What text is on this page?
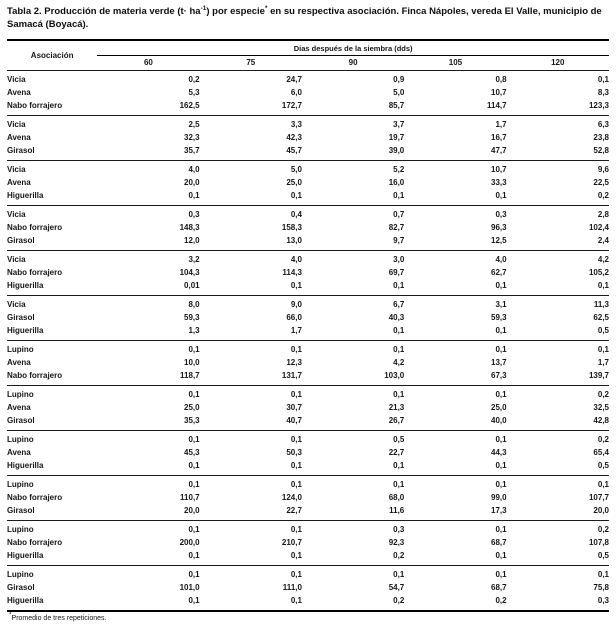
Tabla 2. Producción de materia verde $(t\cdot ha^{-1})$ por especie* en su respectiva asociación. Finca Nápoles, vereda El Valle, municipio de Samacá (Boyacá).

Asociación	Días después de la siembra (dds)				
	60	75	90	105	120
Vicia	0,2	24,7	0,9	0,8	0,1
Avena	5,3	6,0	5,0	10,7	8,3
Nabo forrajero	162,5	172,7	85,7	114,7	123,3
Vicia	2,5	3,3	3,7	1,7	6,3
Avena	32,3	42,3	19,7	16,7	23,8
Girasol	35,7	45,7	39,0	47,7	52,8
Vicia	4,0	5,0	5,2	10,7	9,6
Avena	20,0	25,0	16,0	33,3	22,5
Higuerilla	0,1	0,1	0,1	0,1	0,2
Vicia	0,3	0,4	0,7	0,3	2,8
Nabo forrajero	148,3	158,3	82,7	96,3	102,4
Girasol	12,0	13,0	9,7	12,5	2,4
Vicia	3,2	4,0	3,0	4,0	4,2
Nabo forrajero	104,3	114,3	69,7	62,7	105,2
Higuerilla	0,01	0,1	0,1	0,1	0,1
Vicia	8,0	9,0	6,7	3,1	11,3
Girasol	59,3	66,0	40,3	59,3	62,5
Higuerilla	1,3	1,7	0,1	0,1	0,5
Lupino	0,1	0,1	0,1	0,1	0,1
Avena	10,0	12,3	4,2	13,7	1,7
Nabo forrajero	118,7	131,7	103,0	67,3	139,7
Lupino	0,1	0,1	0,1	0,1	0,2
Avena	25,0	30,7	21,3	25,0	32,5
Girasol	35,3	40,7	26,7	40,0	42,8
Lupino	0,1	0,1	0,5	0,1	0,2
Avena	45,3	50,3	22,7	44,3	65,4
Higuerilla	0,1	0,1	0,1	0,1	0,5
Lupino	0,1	0,1	0,1	0,1	0,1
Nabo forrajero	110,7	124,0	68,0	99,0	107,7
Girasol	20,0	22,7	11,6	17,3	20,0
Lupino	0,1	0,1	0,3	0,1	0,2
Nabo forrajero	200,0	210,7	92,3	68,7	107,8
Higuerilla	0,1	0,1	0,2	0,1	0,5
Lupino	0,1	0,1	0,1	0,1	0,1
Girasol	101,0	111,0	54,7	68,7	75,8
Higuerilla	0,1	0,1	0,2	0,2	0,3

*Promedio de tres repeticiones.
